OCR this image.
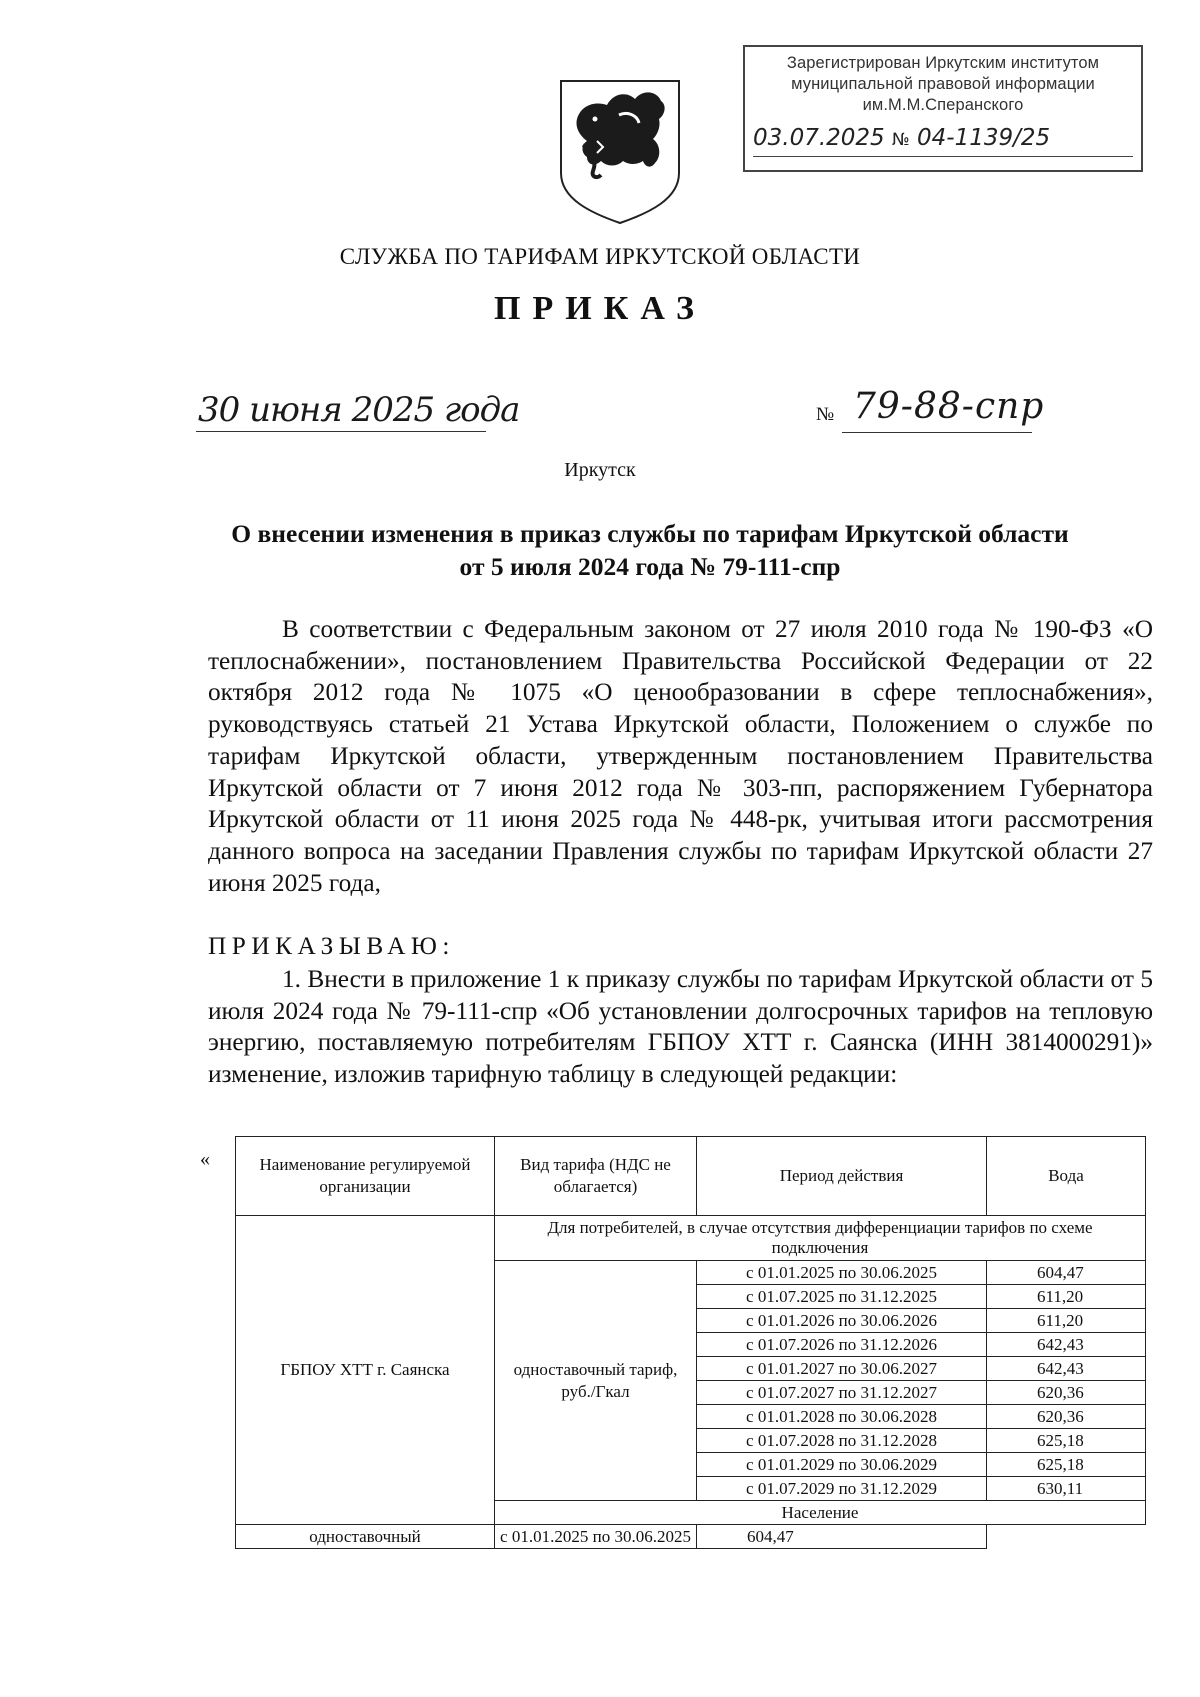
Зарегистрирован Иркутским институтом
муниципальной правовой информации
им.М.М.Сперанского
03.07.2025 № 04-1139/25
СЛУЖБА ПО ТАРИФАМ ИРКУТСКОЙ ОБЛАСТИ
ПРИКАЗ
30 июня 2025 года	№ 79-88-спр
Иркутск
О внесении изменения в приказ службы по тарифам Иркутской области
от 5 июля 2024 года № 79-111-спр

В соответствии с Федеральным законом от 27 июля 2010 года № 190-ФЗ «О теплоснабжении», постановлением Правительства Российской Федерации от 22 октября 2012 года № 1075 «О ценообразовании в сфере теплоснабжения», руководствуясь статьей 21 Устава Иркутской области, Положением о службе по тарифам Иркутской области, утвержденным постановлением Правительства Иркутской области от 7 июня 2012 года № 303-пп, распоряжением Губернатора Иркутской области от 11 июня 2025 года № 448-рк, учитывая итоги рассмотрения данного вопроса на заседании Правления службы по тарифам Иркутской области 27 июня 2025 года,

ПРИКАЗЫВАЮ:

1. Внести в приложение 1 к приказу службы по тарифам Иркутской области от 5 июля 2024 года № 79-111-спр «Об установлении долгосрочных тарифов на тепловую энергию, поставляемую потребителям ГБПОУ ХТТ г. Саянска (ИНН 3814000291)» изменение, изложив тарифную таблицу в следующей редакции:

«	Наименование регулируемой организации	Вид тарифа (НДС не облагается)	Период действия	Вода
ГБПОУ ХТТ г. Саянска	Для потребителей, в случае отсутствия дифференциации тарифов по схеме подключения		
	одноставочный тариф, руб./Гкал	с 01.01.2025 по 30.06.2025	604,47
		с 01.07.2025 по 31.12.2025	611,20
		с 01.01.2026 по 30.06.2026	611,20
		с 01.07.2026 по 31.12.2026	642,43
		с 01.01.2027 по 30.06.2027	642,43
		с 01.07.2027 по 31.12.2027	620,36
		с 01.01.2028 по 30.06.2028	620,36
		с 01.07.2028 по 31.12.2028	625,18
		с 01.01.2029 по 30.06.2029	625,18
		с 01.07.2029 по 31.12.2029	630,11
	Население		
одноставочный	с 01.01.2025 по 30.06.2025	604,47	
